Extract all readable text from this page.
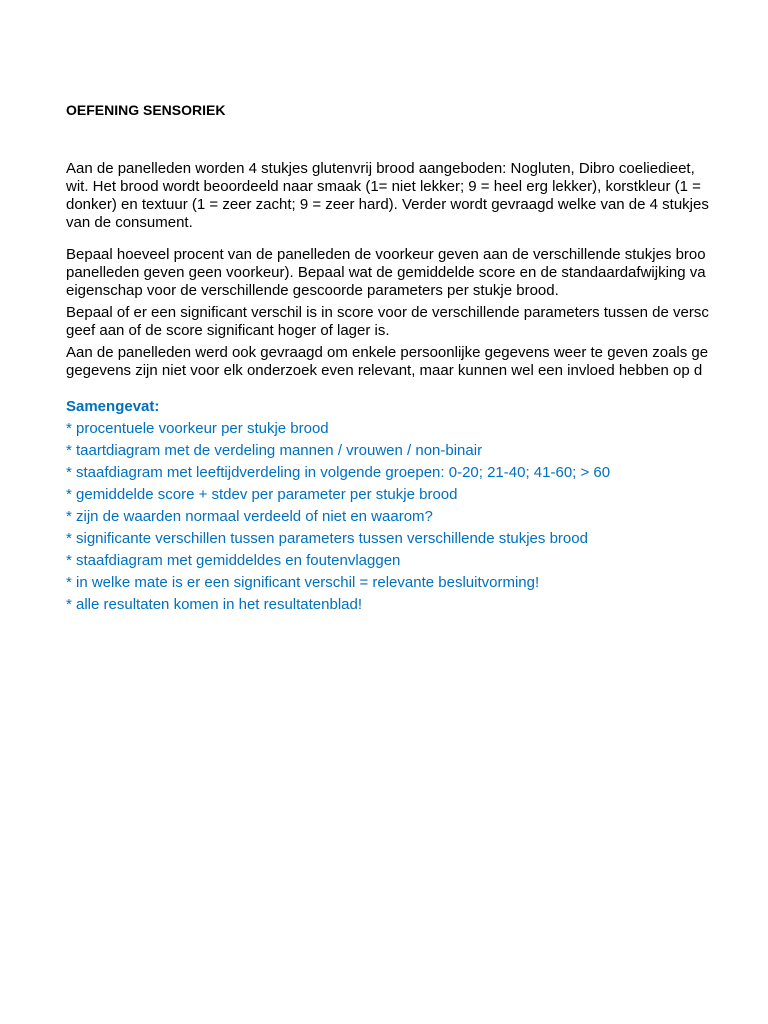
OEFENING SENSORIEK
Aan de panelleden worden 4 stukjes glutenvrij brood aangeboden: Nogluten, Dibro coeliedieet,
wit. Het brood wordt beoordeeld naar smaak (1= niet lekker; 9 = heel erg lekker), korstkleur (1 =
donker) en textuur (1 = zeer zacht; 9 = zeer hard). Verder wordt gevraagd welke van de 4 stukjes
van de consument.
Bepaal hoeveel procent van de panelleden de voorkeur geven aan de verschillende stukjes broo
panelleden geven geen voorkeur). Bepaal wat de gemiddelde score en de standaardafwijking va
eigenschap voor de verschillende gescoorde parameters per stukje brood.
Bepaal of er een significant verschil is in score voor de verschillende parameters tussen de versc
geef aan of de score significant hoger of lager is.
Aan de panelleden werd ook gevraagd om enkele persoonlijke gegevens weer te geven zoals ge
gegevens zijn niet voor elk onderzoek even relevant, maar kunnen wel een invloed hebben op d
Samengevat:
* procentuele voorkeur per stukje brood
* taartdiagram met de verdeling mannen / vrouwen / non-binair
* staafdiagram met leeftijdverdeling in volgende groepen: 0-20; 21-40; 41-60; > 60
* gemiddelde score + stdev per parameter per stukje brood
* zijn de waarden normaal verdeeld of niet en waarom?
* significante verschillen tussen parameters tussen verschillende stukjes brood
* staafdiagram met gemiddeldes en foutenvlaggen
* in welke mate is er een significant verschil = relevante besluitvorming!
* alle resultaten komen in het resultatenblad!
